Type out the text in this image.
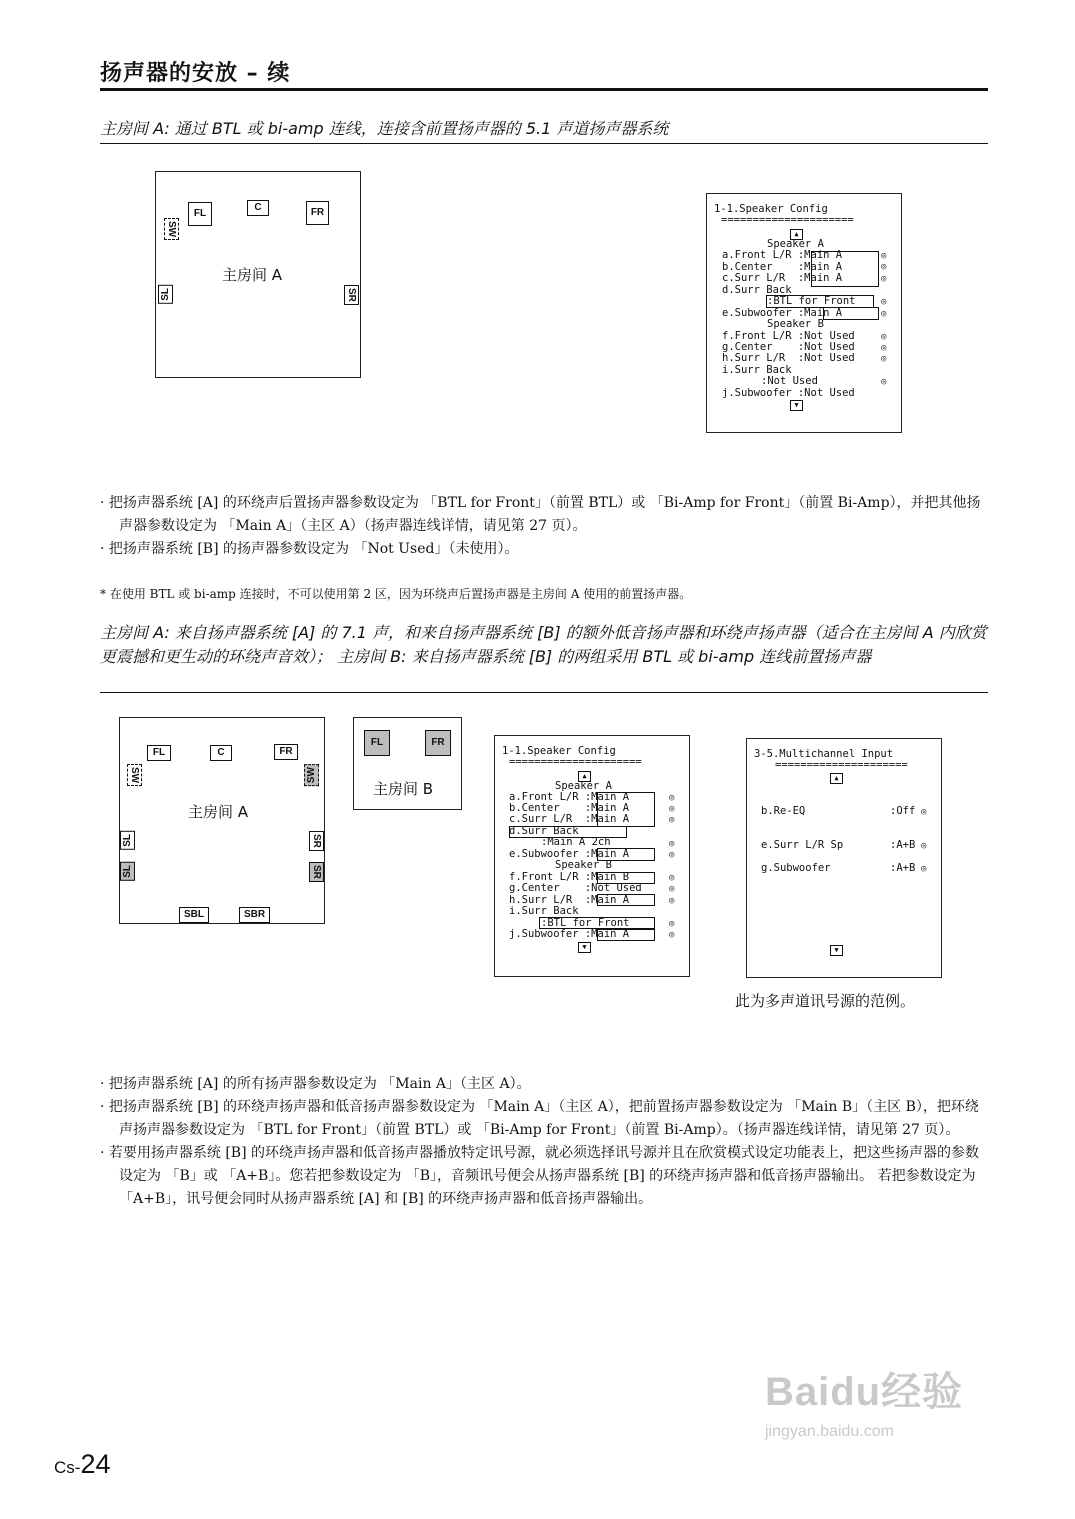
扬声器的安放 – 续
主房间 A: 通过 BTL 或 bi-amp 连线，连接含前置扬声器的 5.1 声道扬声器系统
FL
C	FR
SW
主房间 A
SL	SR
1-1.Speaker Config
=====================
▲
Speaker A
a.Front L/R :Main A
b.Center    :Main A
c.Surr L/R  :Main A
d.Surr Back
:BTL for Front
e.Subwoofer :Main A
Speaker B
f.Front L/R :Not Used
g.Center    :Not Used
h.Surr L/R  :Not Used
i.Surr Back
:Not Used
j.Subwoofer :Not Used
▼
◎
◎
◎
◎
◎
◎
◎
◎
◎
· 把扬声器系统 [A] 的环绕声后置扬声器参数设定为 「BTL for Front」（前置 BTL）或 「Bi-Amp for Front」（前置 Bi-Amp），并把其他扬声器参数设定为 「Main A」（主区 A）（扬声器连线详情，请见第 27 页）。
· 把扬声器系统 [B] 的扬声器参数设定为 「Not Used」（未使用）。
* 在使用 BTL 或 bi-amp 连接时，不可以使用第 2 区，因为环绕声后置扬声器是主房间 A 使用的前置扬声器。
主房间 A: 来自扬声器系统 [A] 的 7.1 声，和来自扬声器系统 [B] 的额外低音扬声器和环绕声扬声器（适合在主房间 A 内欣赏更震撼和更生动的环绕声音效）； 主房间 B: 来自扬声器系统 [B] 的两组采用 BTL 或 bi-amp 连线前置扬声器
FL	C	FR
SW	SW
主房间 A
SL	SR
SL	SR
SBL	SBR
FL	FR
主房间 B
1-1.Speaker Config
=====================
▲
Speaker A
a.Front L/R :Main A
b.Center    :Main A
c.Surr L/R  :Main A
d.Surr Back
:Main A 2ch
e.Subwoofer :Main A
Speaker B
f.Front L/R :Main B
g.Center    :Not Used
h.Surr L/R  :Main A
i.Surr Back
:BTL for Front
j.Subwoofer :Main A
▼
◎
◎
◎
◎
◎
◎
◎
◎
◎
◎
3-5.Multichannel Input
=====================
▲
b.Re-EQ	:Off
e.Surr L/R Sp	:A+B
g.Subwoofer	:A+B
◎
◎
◎
▼
此为多声道讯号源的范例。
· 把扬声器系统 [A] 的所有扬声器参数设定为 「Main A」（主区 A）。
· 把扬声器系统 [B] 的环绕声扬声器和低音扬声器参数设定为 「Main A」（主区 A），把前置扬声器参数设定为 「Main B」（主区 B），把环绕声扬声器参数设定为 「BTL for Front」（前置 BTL）或 「Bi-Amp for Front」（前置 Bi-Amp）。（扬声器连线详情，请见第 27 页）。
· 若要用扬声器系统 [B] 的环绕声扬声器和低音扬声器播放特定讯号源，就必须选择讯号源并且在欣赏模式设定功能表上，把这些扬声器的参数设定为 「B」或 「A+B」。您若把参数设定为 「B」，音频讯号便会从扬声器系统 [B] 的环绕声扬声器和低音扬声器输出。 若把参数设定为 「A+B」，讯号便会同时从扬声器系统 [A] 和 [B] 的环绕声扬声器和低音扬声器输出。
Cs-24
Baidu经验
jingyan.baidu.com
